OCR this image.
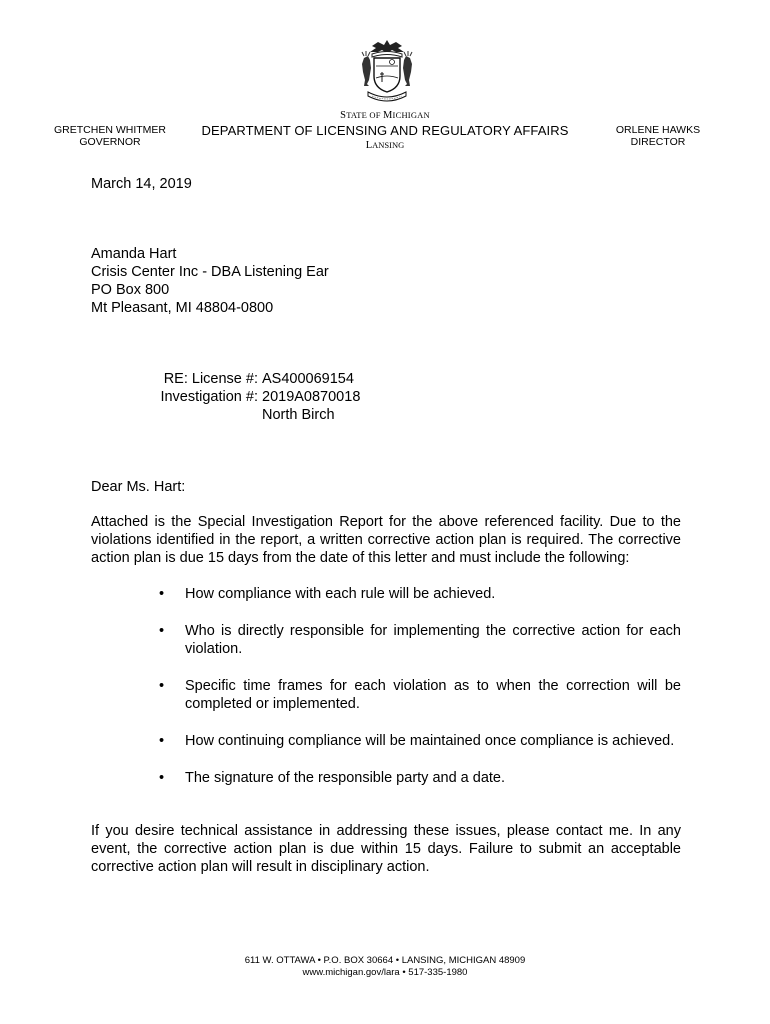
STATE OF MICHIGAN
DEPARTMENT OF LICENSING AND REGULATORY AFFAIRS
LANSING
GRETCHEN WHITMER
GOVERNOR
ORLENE HAWKS
DIRECTOR
March 14, 2019
Amanda Hart
Crisis Center Inc - DBA Listening Ear
PO Box 800
Mt Pleasant, MI 48804-0800
RE: License #:
Investigation #:
AS400069154
2019A0870018
North Birch
Dear Ms. Hart:
Attached is the Special Investigation Report for the above referenced facility. Due to the violations identified in the report, a written corrective action plan is required. The corrective action plan is due 15 days from the date of this letter and must include the following:
• How compliance with each rule will be achieved.
• Who is directly responsible for implementing the corrective action for each violation.
• Specific time frames for each violation as to when the correction will be completed or implemented.
• How continuing compliance will be maintained once compliance is achieved.
• The signature of the responsible party and a date.
If you desire technical assistance in addressing these issues, please contact me. In any event, the corrective action plan is due within 15 days. Failure to submit an acceptable corrective action plan will result in disciplinary action.
611 W. OTTAWA • P.O. BOX 30664 • LANSING, MICHIGAN 48909
www.michigan.gov/lara • 517-335-1980
